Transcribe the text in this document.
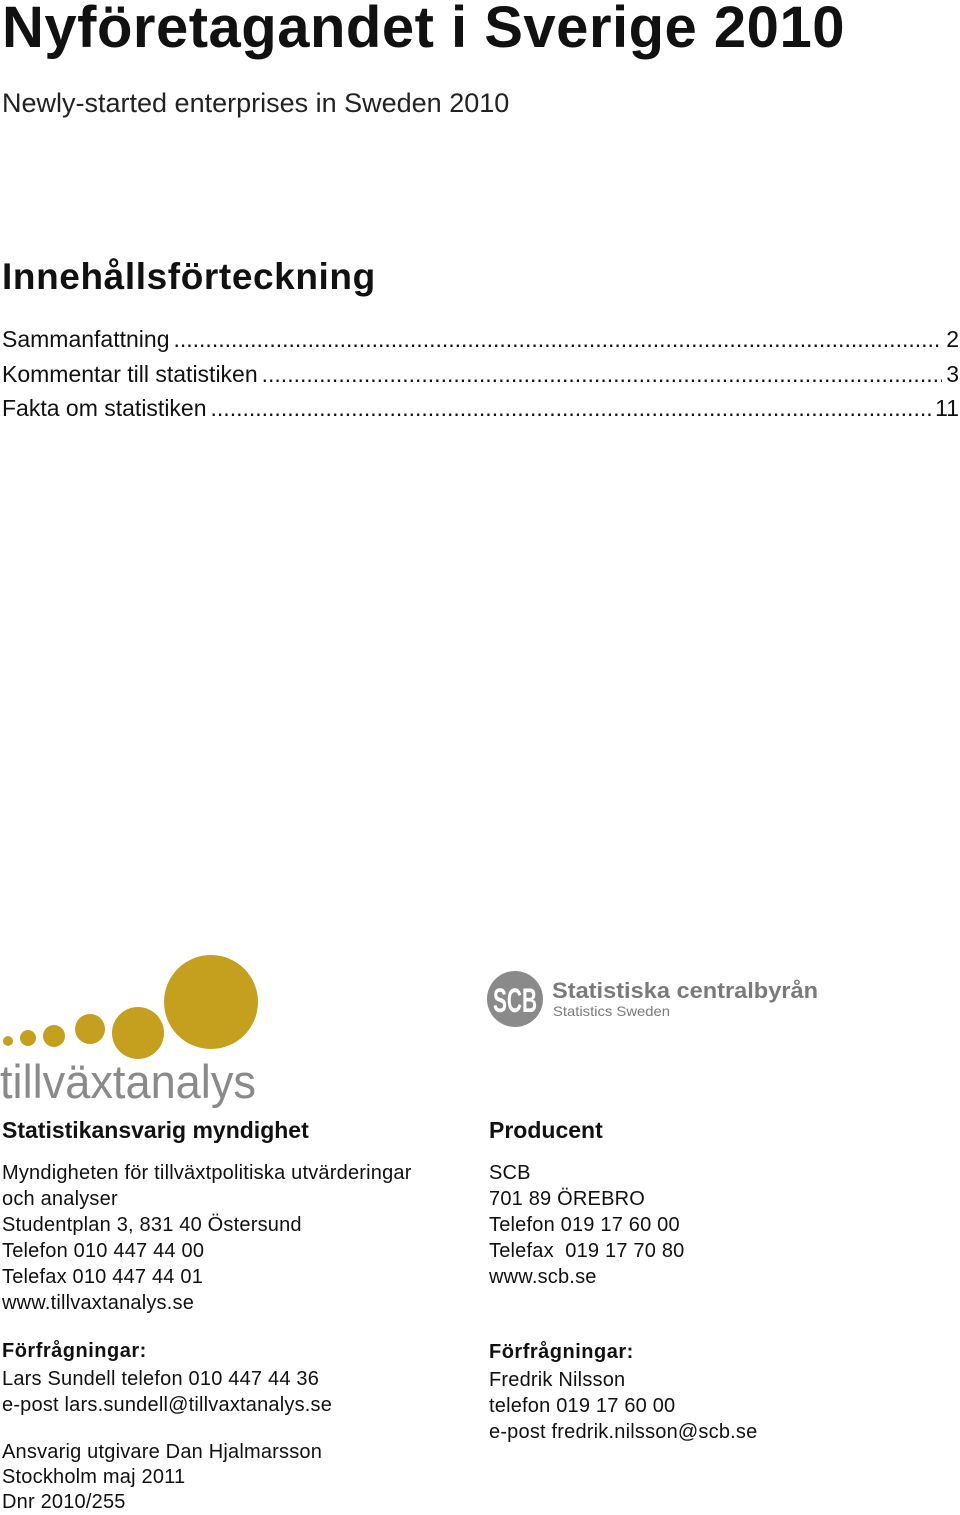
Nyföretagandet i Sverige 2010
Newly-started enterprises in Sweden 2010
Innehållsförteckning
Sammanfattning .....	2
Kommentar till statistiken .....	3
Fakta om statistiken .....	11
tillväxtanalys
SCB Statistiska centralbyrån
Statistics Sweden
Statistikansvarig myndighet
Myndigheten för tillväxtpolitiska utvärderingar
och analyser
Studentplan 3, 831 40 Östersund
Telefon 010 447 44 00
Telefax 010 447 44 01
www.tillvaxtanalys.se
Förfrågningar:
Lars Sundell telefon 010 447 44 36
e-post lars.sundell@tillvaxtanalys.se
Ansvarig utgivare Dan Hjalmarsson
Stockholm maj 2011
Dnr 2010/255
Producent
SCB
701 89 ÖREBRO
Telefon 019 17 60 00
Telefax  019 17 70 80
www.scb.se
Förfrågningar:
Fredrik Nilsson
telefon 019 17 60 00
e-post fredrik.nilsson@scb.se
